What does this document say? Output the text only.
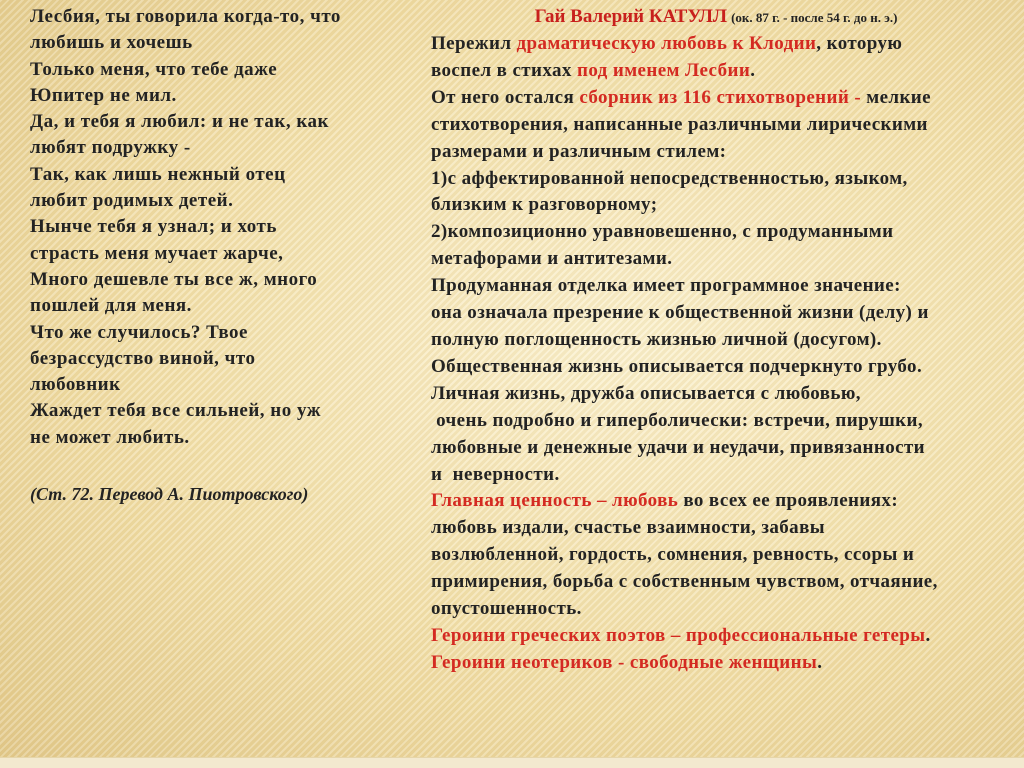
Лесбия, ты говорила когда-то, что
любишь и хочешь
Только меня, что тебе даже
Юпитер не мил.
Да, и тебя я любил: и не так, как
любят подружку -
Так, как лишь нежный отец
любит родимых детей.
Нынче тебя я узнал; и хоть
страсть меня мучает жарче,
Много дешевле ты все ж, много
пошлей для меня.
Что же случилось? Твое
безрассудство виной, что
любовник
Жаждет тебя все сильней, но уж
не может любить.
(Ст. 72. Перевод А. Пиотровского)
Гай Валерий КАТУЛЛ (ок. 87 г. - после 54 г. до н. э.)
Пережил драматическую любовь к Клодии, которую
воспел в стихах под именем Лесбии.
От него остался сборник из 116 стихотворений - мелкие
стихотворения, написанные различными лирическими
размерами и различным стилем:
1)с аффектированной непосредственностью, языком,
близким к разговорному;
2)композиционно уравновешенно, с продуманными
метафорами и антитезами.
Продуманная отделка имеет программное значение:
она означала презрение к общественной жизни (делу) и
полную поглощенность жизнью личной (досугом).
Общественная жизнь описывается подчеркнуто грубо.
Личная жизнь, дружба описывается с любовью,
очень подробно и гиперболически: встречи, пирушки,
любовные и денежные удачи и неудачи, привязанности
и  неверности.
Главная ценность – любовь во всех ее проявлениях:
любовь издали, счастье взаимности, забавы
возлюбленной, гордость, сомнения, ревность, ссоры и
примирения, борьба с собственным чувством, отчаяние,
опустошенность.
Героини греческих поэтов – профессиональные гетеры.
Героини неотериков - свободные женщины.
